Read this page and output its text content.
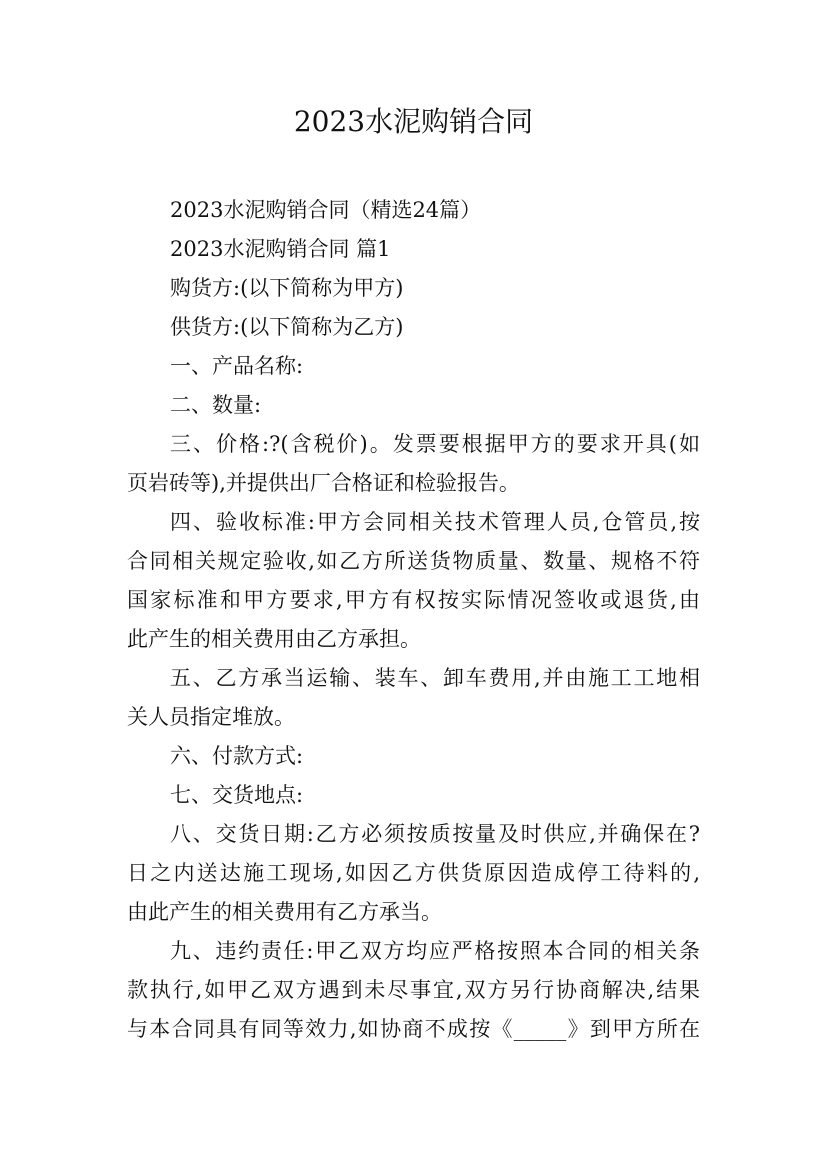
2023水泥购销合同
2023水泥购销合同（精选24篇）
2023水泥购销合同 篇1
购货方:(以下简称为甲方)
供货方:(以下简称为乙方)
一、产品名称:
二、数量:
三、价格:?(含税价)。发票要根据甲方的要求开具(如
页岩砖等),并提供出厂合格证和检验报告。
四、验收标准:甲方会同相关技术管理人员,仓管员,按
合同相关规定验收,如乙方所送货物质量、数量、规格不符
国家标准和甲方要求,甲方有权按实际情况签收或退货,由
此产生的相关费用由乙方承担。
五、乙方承当运输、装车、卸车费用,并由施工工地相
关人员指定堆放。
六、付款方式:
七、交货地点:
八、交货日期:乙方必须按质按量及时供应,并确保在?
日之内送达施工现场,如因乙方供货原因造成停工待料的,
由此产生的相关费用有乙方承当。
九、违约责任:甲乙双方均应严格按照本合同的相关条
款执行,如甲乙双方遇到未尽事宜,双方另行协商解决,结果
与本合同具有同等效力,如协商不成按《_____》到甲方所在
